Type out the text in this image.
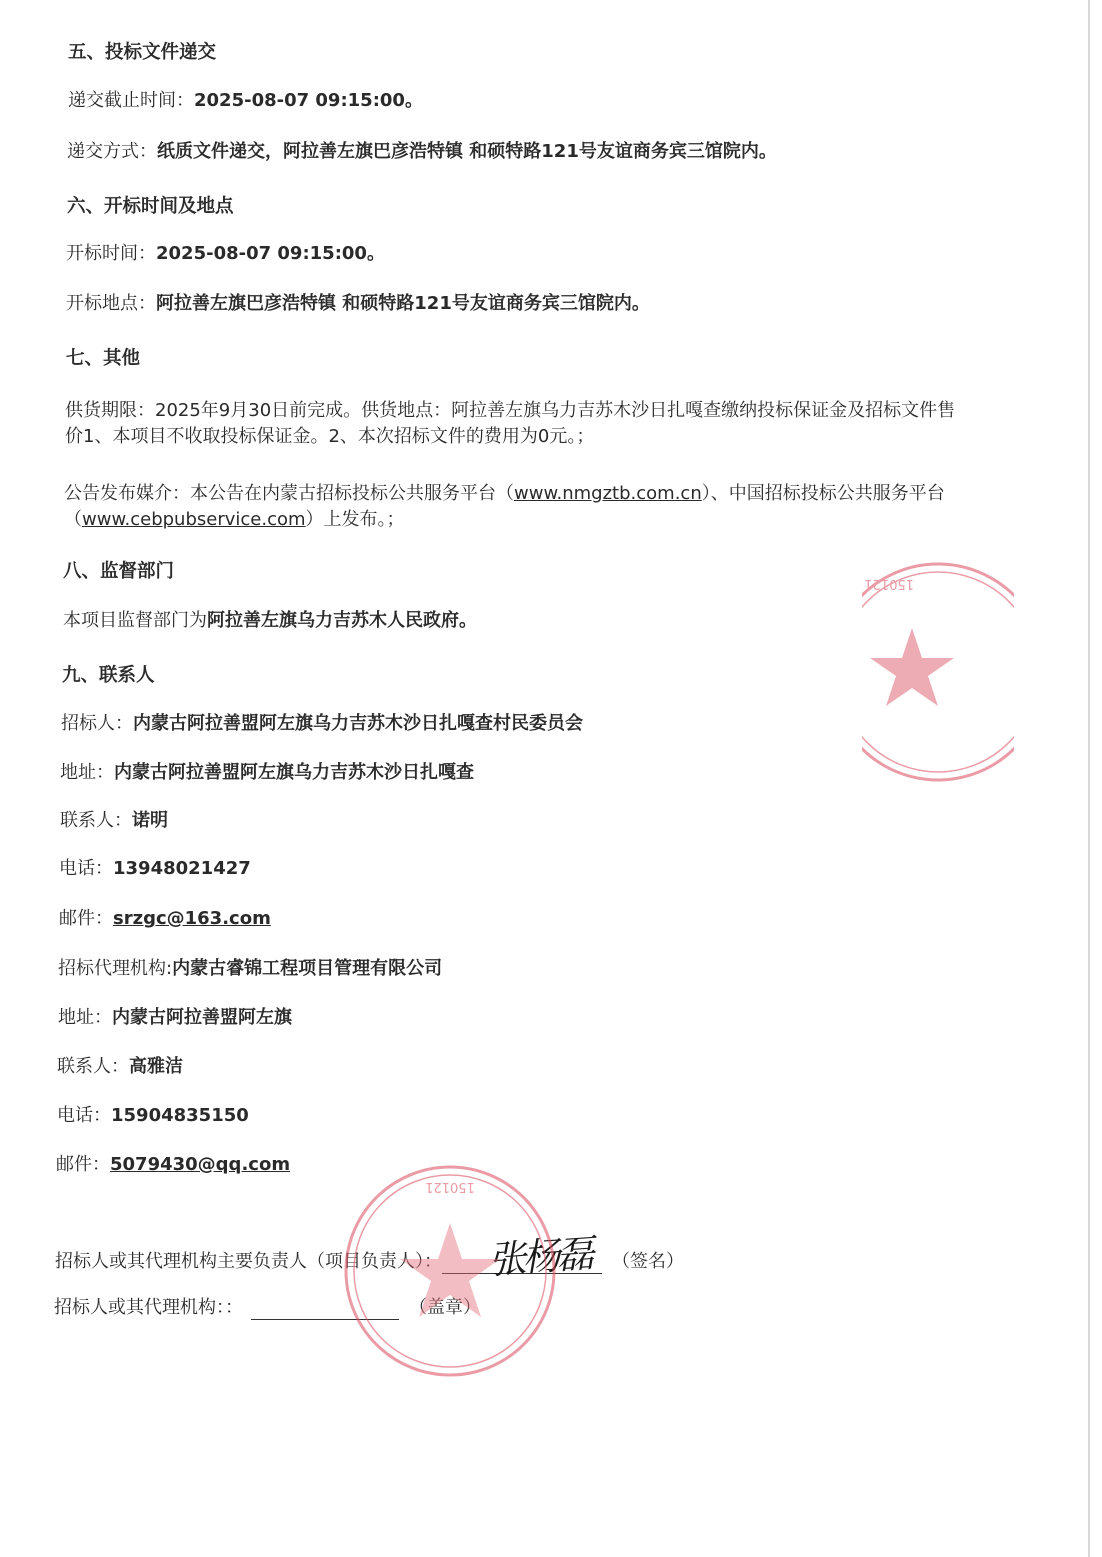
五、投标文件递交
递交截止时间：2025-08-07 09:15:00。
递交方式：纸质文件递交，阿拉善左旗巴彦浩特镇 和硕特路121号友谊商务宾三馆院内。
六、开标时间及地点
开标时间：2025-08-07 09:15:00。
开标地点：阿拉善左旗巴彦浩特镇 和硕特路121号友谊商务宾三馆院内。
七、其他
供货期限：2025年9月30日前完成。供货地点：阿拉善左旗乌力吉苏木沙日扎嘎查缴纳投标保证金及招标文件售
价1、本项目不收取投标保证金。2、本次招标文件的费用为0元。；
公告发布媒介：本公告在内蒙古招标投标公共服务平台（www.nmgztb.com.cn）、中国招标投标公共服务平台
（www.cebpubservice.com）上发布。；
八、监督部门
本项目监督部门为阿拉善左旗乌力吉苏木人民政府。
九、联系人
招标人：内蒙古阿拉善盟阿左旗乌力吉苏木沙日扎嘎查村民委员会
地址：内蒙古阿拉善盟阿左旗乌力吉苏木沙日扎嘎查
联系人：诺明
电话：13948021427
邮件：srzgc@163.com
招标代理机构:内蒙古睿锦工程项目管理有限公司
地址：内蒙古阿拉善盟阿左旗
联系人：高雅洁
电话：15904835150
邮件：5079430@qq.com
招标人或其代理机构主要负责人（项目负责人）：	（签名）
张杨磊
招标人或其代理机构：：	（盖章）
150121
150121
